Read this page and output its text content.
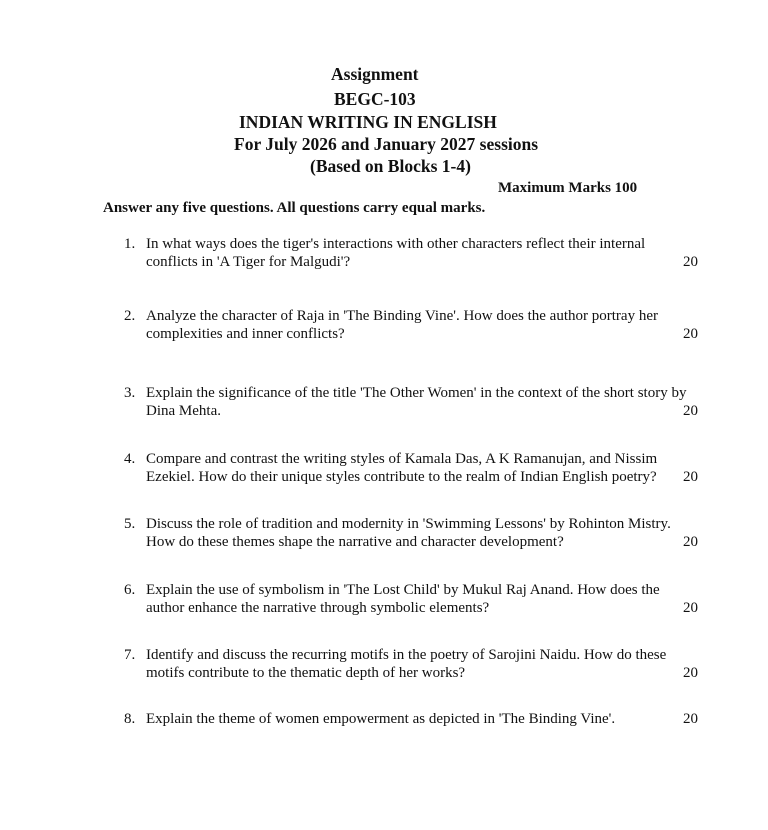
Assignment
BEGC-103
INDIAN WRITING IN ENGLISH
For July 2026 and January 2027 sessions
(Based on Blocks 1-4)
Maximum Marks 100
Answer any five questions. All questions carry equal marks.
1. In what ways does the tiger's interactions with other characters reflect their internal
conflicts in 'A Tiger for Malgudi'?	20
2. Analyze the character of Raja in 'The Binding Vine'. How does the author portray her
complexities and inner conflicts?	20
3. Explain the significance of the title 'The Other Women' in the context of the short story by
Dina Mehta.	20
4. Compare and contrast the writing styles of Kamala Das, A K Ramanujan, and Nissim
Ezekiel. How do their unique styles contribute to the realm of Indian English poetry? 20
5. Discuss the role of tradition and modernity in 'Swimming Lessons' by Rohinton Mistry.
How do these themes shape the narrative and character development?	20
6. Explain the use of symbolism in 'The Lost Child' by Mukul Raj Anand. How does the
author enhance the narrative through symbolic elements?	20
7. Identify and discuss the recurring motifs in the poetry of Sarojini Naidu. How do these
motifs contribute to the thematic depth of her works?	20
8. Explain the theme of women empowerment as depicted in 'The Binding Vine'.	20
